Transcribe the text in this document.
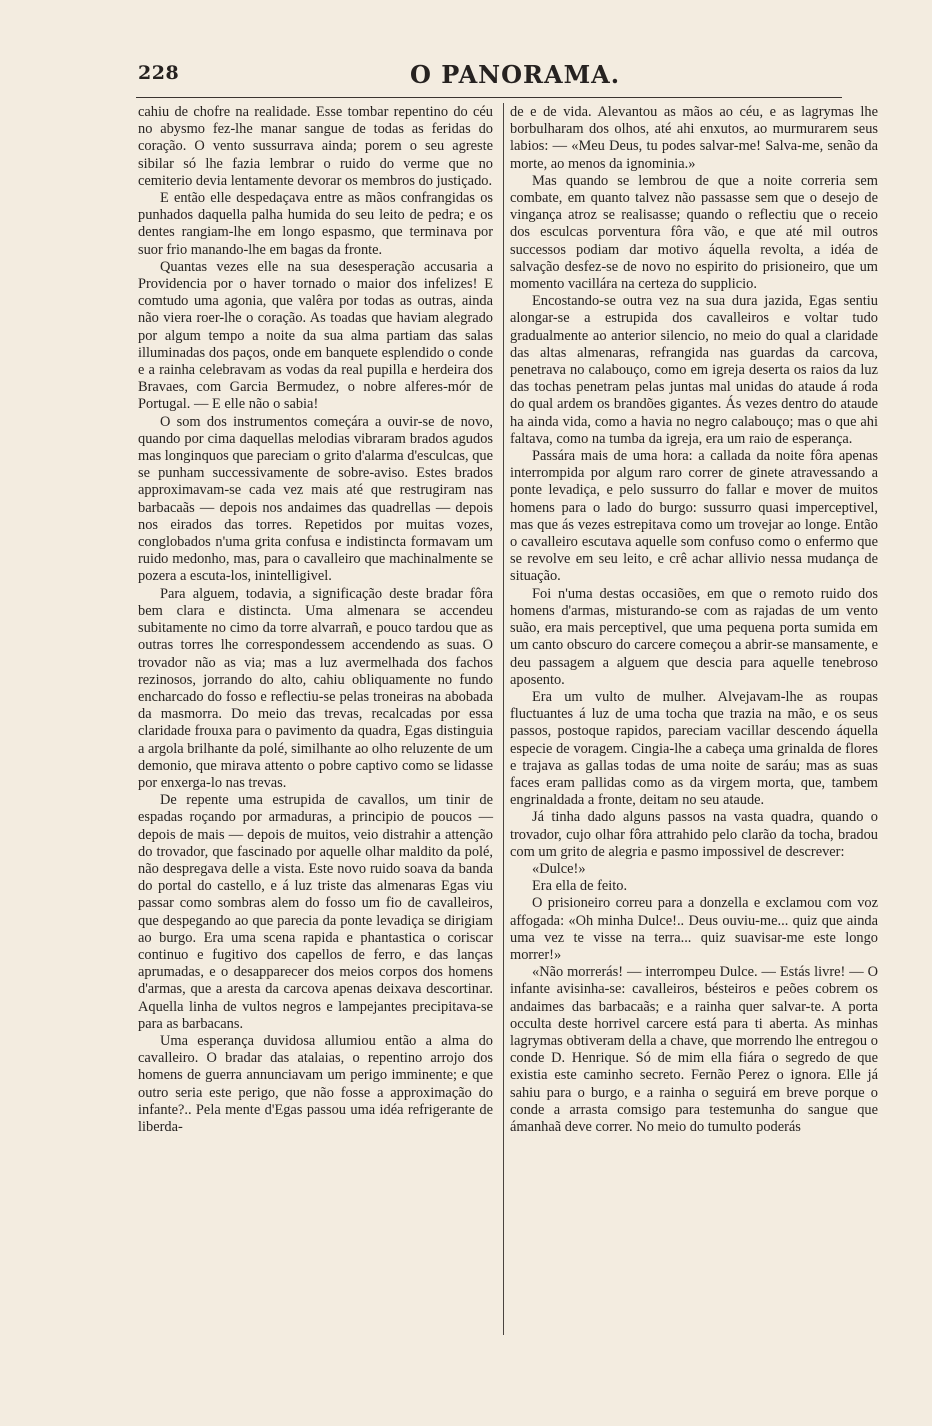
228	O PANORAMA.

cahiu de chofre na realidade. Esse tombar repentino do céu no abysmo fez-lhe manar sangue de todas as feridas do coração. O vento sussurrava ainda; porem o seu agreste sibilar só lhe fazia lembrar o ruido do verme que no cemiterio devia lentamente devorar os membros do justiçado.

E então elle despedaçava entre as mãos confrangidas os punhados daquella palha humida do seu leito de pedra; e os dentes rangiam-lhe em longo espasmo, que terminava por suor frio manando-lhe em bagas da fronte.

Quantas vezes elle na sua desesperação accusaria a Providencia por o haver tornado o maior dos infelizes! E comtudo uma agonia, que valêra por todas as outras, ainda não viera roer-lhe o coração. As toadas que haviam alegrado por algum tempo a noite da sua alma partiam das salas illuminadas dos paços, onde em banquete esplendido o conde e a rainha celebravam as vodas da real pupilla e herdeira dos Bravaes, com Garcia Bermudez, o nobre alferes-mór de Portugal. — E elle não o sabia!

O som dos instrumentos começára a ouvir-se de novo, quando por cima daquellas melodias vibraram brados agudos mas longinquos que pareciam o grito d'alarma d'esculcas, que se punham successivamente de sobre-aviso. Estes brados approximavam-se cada vez mais até que restrugiram nas barbacaãs — depois nos andaimes das quadrellas — depois nos eirados das torres. Repetidos por muitas vozes, conglobados n'uma grita confusa e indistincta formavam um ruido medonho, mas, para o cavalleiro que machinalmente se pozera a escuta-los, inintelligivel.

Para alguem, todavia, a significação deste bradar fôra bem clara e distincta. Uma almenara se accendeu subitamente no cimo da torre alvarrañ, e pouco tardou que as outras torres lhe correspondessem accendendo as suas. O trovador não as via; mas a luz avermelhada dos fachos rezinosos, jorrando do alto, cahiu obliquamente no fundo encharcado do fosso e reflectiu-se pelas troneiras na abobada da masmorra. Do meio das trevas, recalcadas por essa claridade frouxa para o pavimento da quadra, Egas distinguia a argola brilhante da polé, similhante ao olho reluzente de um demonio, que mirava attento o pobre captivo como se lidasse por enxerga-lo nas trevas.

De repente uma estrupida de cavallos, um tinir de espadas roçando por armaduras, a principio de poucos — depois de mais — depois de muitos, veio distrahir a attenção do trovador, que fascinado por aquelle olhar maldito da polé, não despregava delle a vista. Este novo ruido soava da banda do portal do castello, e á luz triste das almenaras Egas viu passar como sombras alem do fosso um fio de cavalleiros, que despegando ao que parecia da ponte levadiça se dirigiam ao burgo. Era uma scena rapida e phantastica o coriscar continuo e fugitivo dos capellos de ferro, e das lanças aprumadas, e o desapparecer dos meios corpos dos homens d'armas, que a aresta da carcova apenas deixava descortinar. Aquella linha de vultos negros e lampejantes precipitava-se para as barbacans.

Uma esperança duvidosa allumiou então a alma do cavalleiro. O bradar das atalaias, o repentino arrojo dos homens de guerra annunciavam um perigo imminente; e que outro seria este perigo, que não fosse a approximação do infante?.. Pela mente d'Egas passou uma idéa refrigerante de liberda-

de e de vida. Alevantou as mãos ao céu, e as lagrymas lhe borbulharam dos olhos, até ahi enxutos, ao murmurarem seus labios: — «Meu Deus, tu podes salvar-me! Salva-me, senão da morte, ao menos da ignominia.»

Mas quando se lembrou de que a noite correria sem combate, em quanto talvez não passasse sem que o desejo de vingança atroz se realisasse; quando o reflectiu que o receio dos esculcas porventura fôra vão, e que até mil outros successos podiam dar motivo áquella revolta, a idéa de salvação desfez-se de novo no espirito do prisioneiro, que um momento vacillára na certeza do supplicio.

Encostando-se outra vez na sua dura jazida, Egas sentiu alongar-se a estrupida dos cavalleiros e voltar tudo gradualmente ao anterior silencio, no meio do qual a claridade das altas almenaras, refrangida nas guardas da carcova, penetrava no calabouço, como em igreja deserta os raios da luz das tochas penetram pelas juntas mal unidas do ataude á roda do qual ardem os brandões gigantes. Ás vezes dentro do ataude ha ainda vida, como a havia no negro calabouço; mas o que ahi faltava, como na tumba da igreja, era um raio de esperança.

Passára mais de uma hora: a callada da noite fôra apenas interrompida por algum raro correr de ginete atravessando a ponte levadiça, e pelo sussurro do fallar e mover de muitos homens para o lado do burgo: sussurro quasi imperceptivel, mas que ás vezes estrepitava como um trovejar ao longe. Então o cavalleiro escutava aquelle som confuso como o enfermo que se revolve em seu leito, e crê achar allivio nessa mudança de situação.

Foi n'uma destas occasiões, em que o remoto ruido dos homens d'armas, misturando-se com as rajadas de um vento suão, era mais perceptivel, que uma pequena porta sumida em um canto obscuro do carcere começou a abrir-se mansamente, e deu passagem a alguem que descia para aquelle tenebroso aposento.

Era um vulto de mulher. Alvejavam-lhe as roupas fluctuantes á luz de uma tocha que trazia na mão, e os seus passos, postoque rapidos, pareciam vacillar descendo áquella especie de voragem. Cingia-lhe a cabeça uma grinalda de flores e trajava as gallas todas de uma noite de saráu; mas as suas faces eram pallidas como as da virgem morta, que, tambem engrinaldada a fronte, deitam no seu ataude.

Já tinha dado alguns passos na vasta quadra, quando o trovador, cujo olhar fôra attrahido pelo clarão da tocha, bradou com um grito de alegria e pasmo impossivel de descrever:

«Dulce!»

Era ella de feito.

O prisioneiro correu para a donzella e exclamou com voz affogada: «Oh minha Dulce!.. Deus ouviu-me... quiz que ainda uma vez te visse na terra... quiz suavisar-me este longo morrer!»

«Não morrerás! — interrompeu Dulce. — Estás livre! — O infante avisinha-se: cavalleiros, bésteiros e peões cobrem os andaimes das barbacaãs; e a rainha quer salvar-te. A porta occulta deste horrivel carcere está para ti aberta. As minhas lagrymas obtiveram della a chave, que morrendo lhe entregou o conde D. Henrique. Só de mim ella fiára o segredo de que existia este caminho secreto. Fernão Perez o ignora. Elle já sahiu para o burgo, e a rainha o seguirá em breve porque o conde a arrasta comsigo para testemunha do sangue que ámanhaã deve correr. No meio do tumulto poderás
